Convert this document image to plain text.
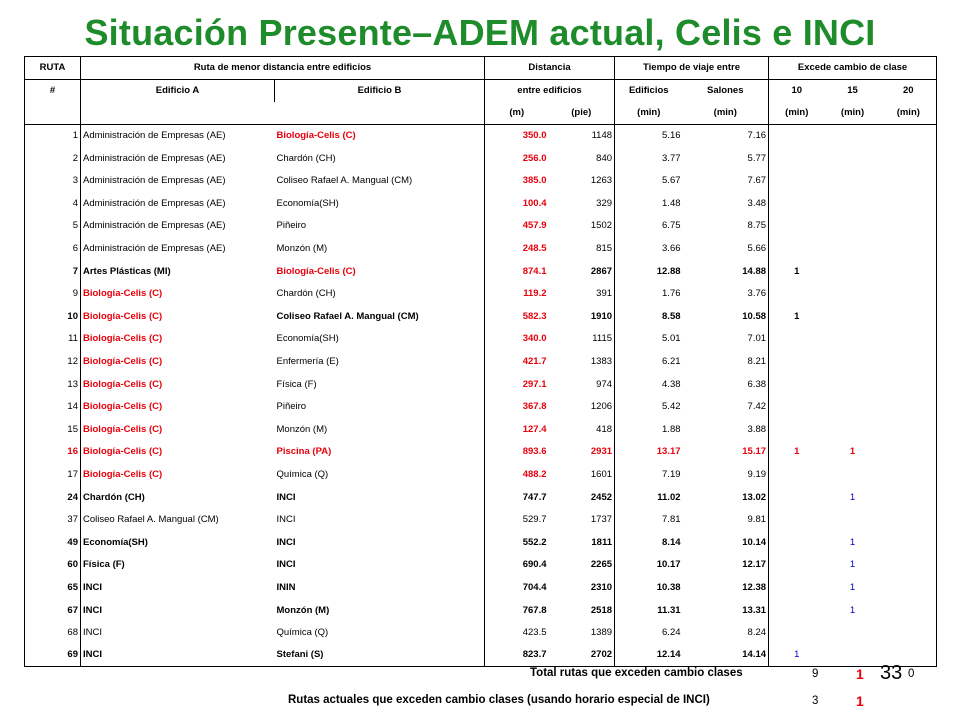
Situación Presente–ADEM actual, Celis e INCI
RUTA	Ruta de menor distancia entre edificios		Distancia		Tiempo de viaje entre		Excede cambio de clase		
#	Edificio A	Edificio B	entre edificios		Edificios	Salones	10	15	20
			(m)	(pie)	(min)	(min)	(min)	(min)	(min)
1	Administración de Empresas (AE)	Biología-Celis (C)	350.0	1148	5.16	7.16			
2	Administración de Empresas (AE)	Chardón (CH)	256.0	840	3.77	5.77			
3	Administración de Empresas (AE)	Coliseo Rafael A. Mangual (CM)	385.0	1263	5.67	7.67			
4	Administración de Empresas (AE)	Economía(SH)	100.4	329	1.48	3.48			
5	Administración de Empresas (AE)	Piñeiro	457.9	1502	6.75	8.75			
6	Administración de Empresas (AE)	Monzón (M)	248.5	815	3.66	5.66			
7	Artes Plásticas (MI)	Biología-Celis (C)	874.1	2867	12.88	14.88	1		
9	Biología-Celis (C)	Chardón (CH)	119.2	391	1.76	3.76			
10	Biología-Celis (C)	Coliseo Rafael A. Mangual (CM)	582.3	1910	8.58	10.58	1		
11	Biología-Celis (C)	Economía(SH)	340.0	1115	5.01	7.01			
12	Biología-Celis (C)	Enfermería (E)	421.7	1383	6.21	8.21			
13	Biología-Celis (C)	Física (F)	297.1	974	4.38	6.38			
14	Biología-Celis (C)	Piñeiro	367.8	1206	5.42	7.42			
15	Biología-Celis (C)	Monzón (M)	127.4	418	1.88	3.88			
16	Biología-Celis (C)	Piscina (PA)	893.6	2931	13.17	15.17	1	1	
17	Biología-Celis (C)	Química (Q)	488.2	1601	7.19	9.19			
24	Chardón (CH)	INCI	747.7	2452	11.02	13.02		1	
37	Coliseo Rafael A. Mangual (CM)	INCI	529.7	1737	7.81	9.81			
49	Economía(SH)	INCI	552.2	1811	8.14	10.14		1	
60	Física (F)	INCI	690.4	2265	10.17	12.17		1	
65	INCI	ININ	704.4	2310	10.38	12.38		1	
67	INCI	Monzón (M)	767.8	2518	11.31	13.31		1	
68	INCI	Química (Q)	423.5	1389	6.24	8.24			
69	INCI	Stefani (S)	823.7	2702	12.14	14.14	1		
Total rutas que exceden cambio clases	9	1	0
33
Rutas actuales que exceden cambio clases (usando horario especial de INCI)	3	1
